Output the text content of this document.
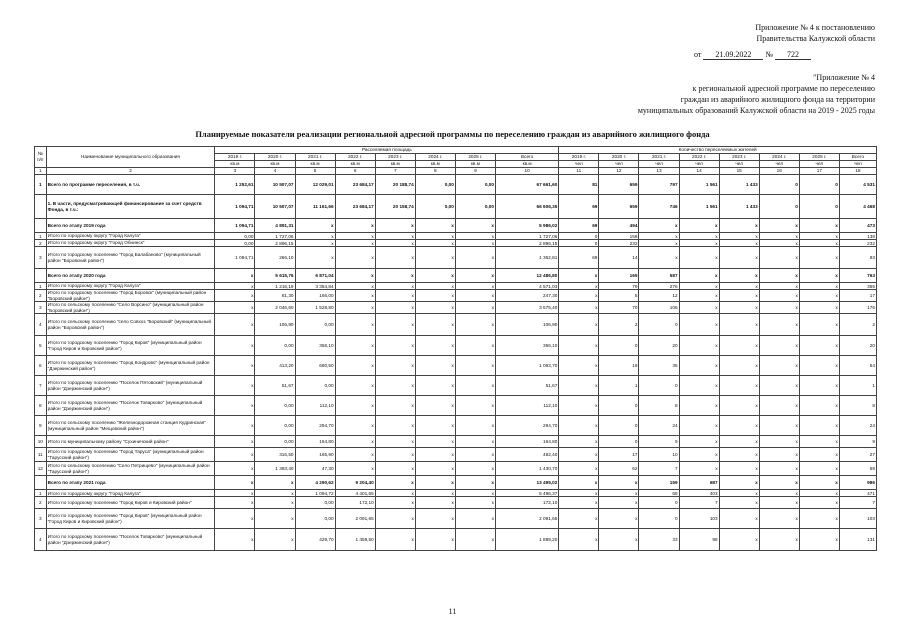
Приложение № 4 к постановлению
Правительства Калужской области
от 21.09.2022 № 722
"Приложение № 4
к региональной адресной программе по переселению
граждан из аварийного жилищного фонда на территории
муниципальных образований Калужской области на 2019 - 2025 годы
Планируемые показатели реализации региональной адресной программы по переселению граждан из аварийного жилищного фонда
№ п/п	Наименование муниципального образования	Расселяемая площадь								Количество переселяемых жителей							
		2019 г.	2020 г.	2021 г.	2022 г.	2023 г.	2024 г.	2025 г.	Всего	2019 г.	2020 г.	2021 г.	2022 г.	2023 г.	2024 г.	2025 г.	Всего
		кв.м	кв.м	кв.м	кв.м	кв.м	кв.м	кв.м	кв.м	чел	чел	чел	чел	чел	чел	чел	чел
1	2	3	4	5	6	7	8	9	10	11	12	13	14	15	16	17	18
1	Всего по программе переселения, в т.ч.	1 252,61	10 507,07	12 029,01	23 684,17	20 188,74	0,00	0,00	67 661,60	81	659	797	1 561	1 433	0	0	4 531
	1. В части, предусматривающей финансирование за счет средств Фонда, в т.ч.:	1 094,71	10 507,07	11 161,66	23 684,17	20 158,74	0,00	0,00	66 606,35	69	659	746	1 561	1 433	0	0	4 468
	Всего по этапу 2019 года	1 094,71	4 891,31	x	x	x	x	x	5 986,02	69	494	x	x	x	x	x	473
1	Итого по городскому округу "Город Калуга"	0,00	1 727,06	x	x	x	x	x	1 727,06	0	158	x	x	x	x	x	138
2	Итого по городскому округу "Город Обнинск"	0,00	2 896,15	x	x	x	x	x	2 896,15	0	232	x	x	x	x	x	232
3	Итого по городскому поселению "Город Балабаново" (муниципальный район "Боровский район")	1 094,71	266,10	x	x	x	x	x	1 362,81	69	14	x	x	x	x	x	83
	Всего по этапу 2020 года	x	5 615,76	6 871,04	x	x	x	x	12 486,80	x	165	587	x	x	x	x	763
1	Итого по городскому округу "Город Калуга"	x	1 216,19	3 354,84	x	x	x	x	4 571,03	x	79	276	x	x	x	x	355
2	Итого по городскому поселению "Город Боровск" (муниципальный район "Боровский район")	x	81,30	166,00	x	x	x	x	247,30	x	5	12	x	x	x	x	17
3	Итого по сельскому поселению "Село Ворсино" (муниципальный район "Боровский район")	x	2 046,60	1 528,80	x	x	x	x	3 575,40	x	70	106	x	x	x	x	176
4	Итого по сельскому поселению "село Совхоз "Боровский" (муниципальный район "Боровский район")	x	106,90	0,00	x	x	x	x	106,90	x	2	0	x	x	x	x	2
5	Итого по городскому поселению "Город Киров" (муниципальный район "Город Киров и Кировский район")	x	0,00	356,10	x	x	x	x	356,10	x	0	20	x	x	x	x	20
6	Итого по городскому поселению "Город Кондрово" (муниципальный район "Дзержинский район")	x	413,20	680,50	x	x	x	x	1 093,70	x	19	35	x	x	x	x	54
7	Итого по городскому поселению "Поселок Пятовский" (муниципальный район "Дзержинский район")	x	51,67	0,00	x	x	x	x	51,67	x	1	0	x	x	x	x	1
8	Итого по городскому поселению "Поселок Товарково" (муниципальный район "Дзержинский район")	x	0,00	112,10	x	x	x	x	112,10	x	0	8	x	x	x	x	8
9	Итого по сельскому поселению "Железнодорожная станция Кудринская" (муниципальный район "Мещовский район")	x	0,00	294,70	x	x	x	x	294,70	x	0	24	x	x	x	x	24
10	Итого по муниципальному району "Сухиничский район"	x	0,00	164,80	x	x	x	x	164,80	x	0	9	x	x	x	x	9
11	Итого по городскому поселению "Город Таруса" (муниципальный район "Тарусский район")	x	316,50	165,90	x	x	x	x	482,40	x	17	10	x	x	x	x	27
12	Итого по сельскому поселению "Село Петрищево" (муниципальный район "Тарусский район")	x	1 383,40	47,30	x	x	x	x	1 430,70	x	62	7	x	x	x	x	69
	Всего по этапу 2021 года	x	x	4 290,62	9 204,40	x	x	x	13 495,02	x	x	159	687	x	x	x	986
1	Итого по городскому округу "Город Калуга"	x	x	1 094,72	4 401,65	x	x	x	5 496,37	x	x	68	403	x	x	x	471
2	Итого по городскому поселению "Город Киров и Кировский район"	x	x	0,00	172,10	x	x	x	172,10	x	x	0	7	x	x	x	7
3	Итого по городскому поселению "Город Киров" (муниципальный район "Город Киров и Кировский район")	x	x	0,00	2 091,65	x	x	x	2 091,65	x	x	0	103	x	x	x	103
4	Итого по городскому поселению "Поселок Товарково" (муниципальный район "Дзержинский район")	x	x	429,70	1 459,50	x	x	x	1 889,20	x	x	33	98	x	x	x	131
11
